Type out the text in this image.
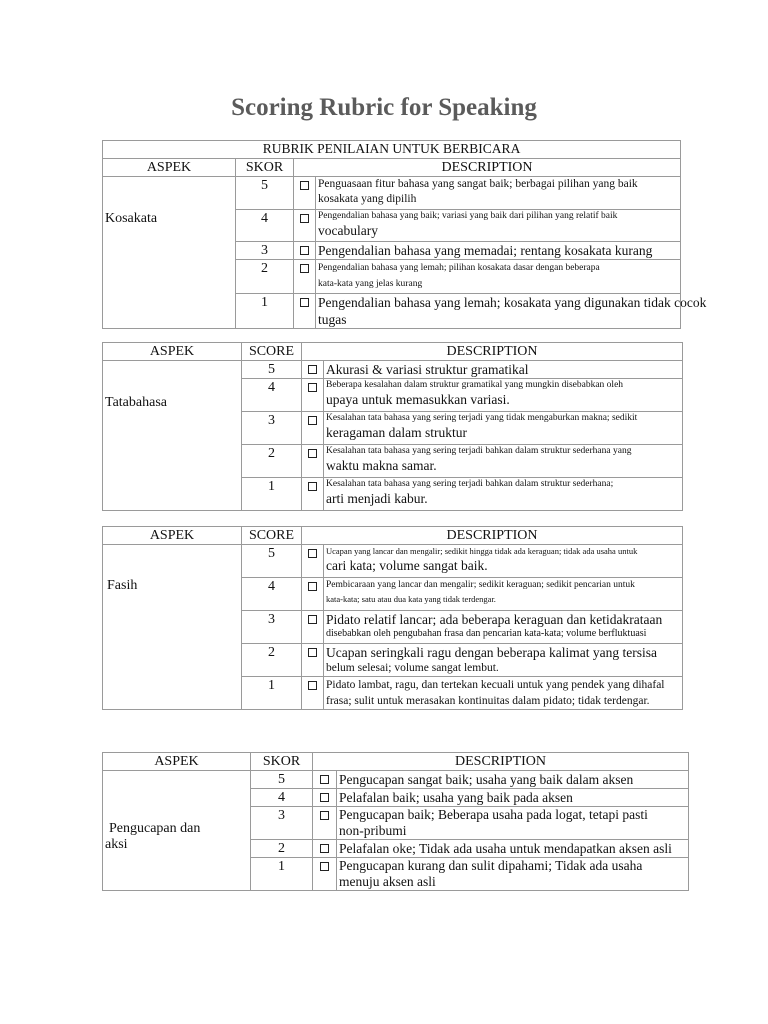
Scoring Rubric for Speaking
RUBRIK PENILAIAN UNTUK BERBICARA			
ASPEK	SKOR	DESCRIPTION	
Kosakata	5		Penguasaan fitur bahasa yang sangat baik; berbagai pilihan yang baik
kosakata yang dipilih

	4		Pengendalian bahasa yang baik; variasi yang baik dari pilihan yang relatif baik
vocabulary

	3		Pengendalian bahasa yang memadai; rentang kosakata kurang

	2		Pengendalian bahasa yang lemah; pilihan kosakata dasar dengan beberapa
kata-kata yang jelas kurang

	1		Pengendalian bahasa yang lemah; kosakata yang digunakan tidak cocok
tugas
ASPEK	SCORE	DESCRIPTION	
Tatabahasa	5		Akurasi & variasi struktur gramatikal

	4		Beberapa kesalahan dalam struktur gramatikal yang mungkin disebabkan oleh
upaya untuk memasukkan variasi.

	3		Kesalahan tata bahasa yang sering terjadi yang tidak mengaburkan makna; sedikit
keragaman dalam struktur

	2		Kesalahan tata bahasa yang sering terjadi bahkan dalam struktur sederhana yang
waktu makna samar.

	1		Kesalahan tata bahasa yang sering terjadi bahkan dalam struktur sederhana;
arti menjadi kabur.
ASPEK	SCORE	DESCRIPTION	
Fasih	5		Ucapan yang lancar dan mengalir; sedikit hingga tidak ada keraguan; tidak ada usaha untuk
cari kata; volume sangat baik.

	4		Pembicaraan yang lancar dan mengalir; sedikit keraguan; sedikit pencarian untuk
kata-kata; satu atau dua kata yang tidak terdengar.

	3		Pidato relatif lancar; ada beberapa keraguan dan ketidakrataan
disebabkan oleh pengubahan frasa dan pencarian kata-kata; volume berfluktuasi

	2		Ucapan seringkali ragu dengan beberapa kalimat yang tersisa
belum selesai; volume sangat lembut.

	1		Pidato lambat, ragu, dan tertekan kecuali untuk yang pendek yang dihafal
frasa; sulit untuk merasakan kontinuitas dalam pidato; tidak terdengar.
ASPEK	SKOR	DESCRIPTION	

Pengucapan dan
aksi	5		Pengucapan sangat baik; usaha yang baik dalam aksen

	4		Pelafalan baik; usaha yang baik pada aksen

	3		Pengucapan baik; Beberapa usaha pada logat, tetapi pasti
non-pribumi

	2		Pelafalan oke; Tidak ada usaha untuk mendapatkan aksen asli

	1		Pengucapan kurang dan sulit dipahami; Tidak ada usaha
menuju aksen asli
